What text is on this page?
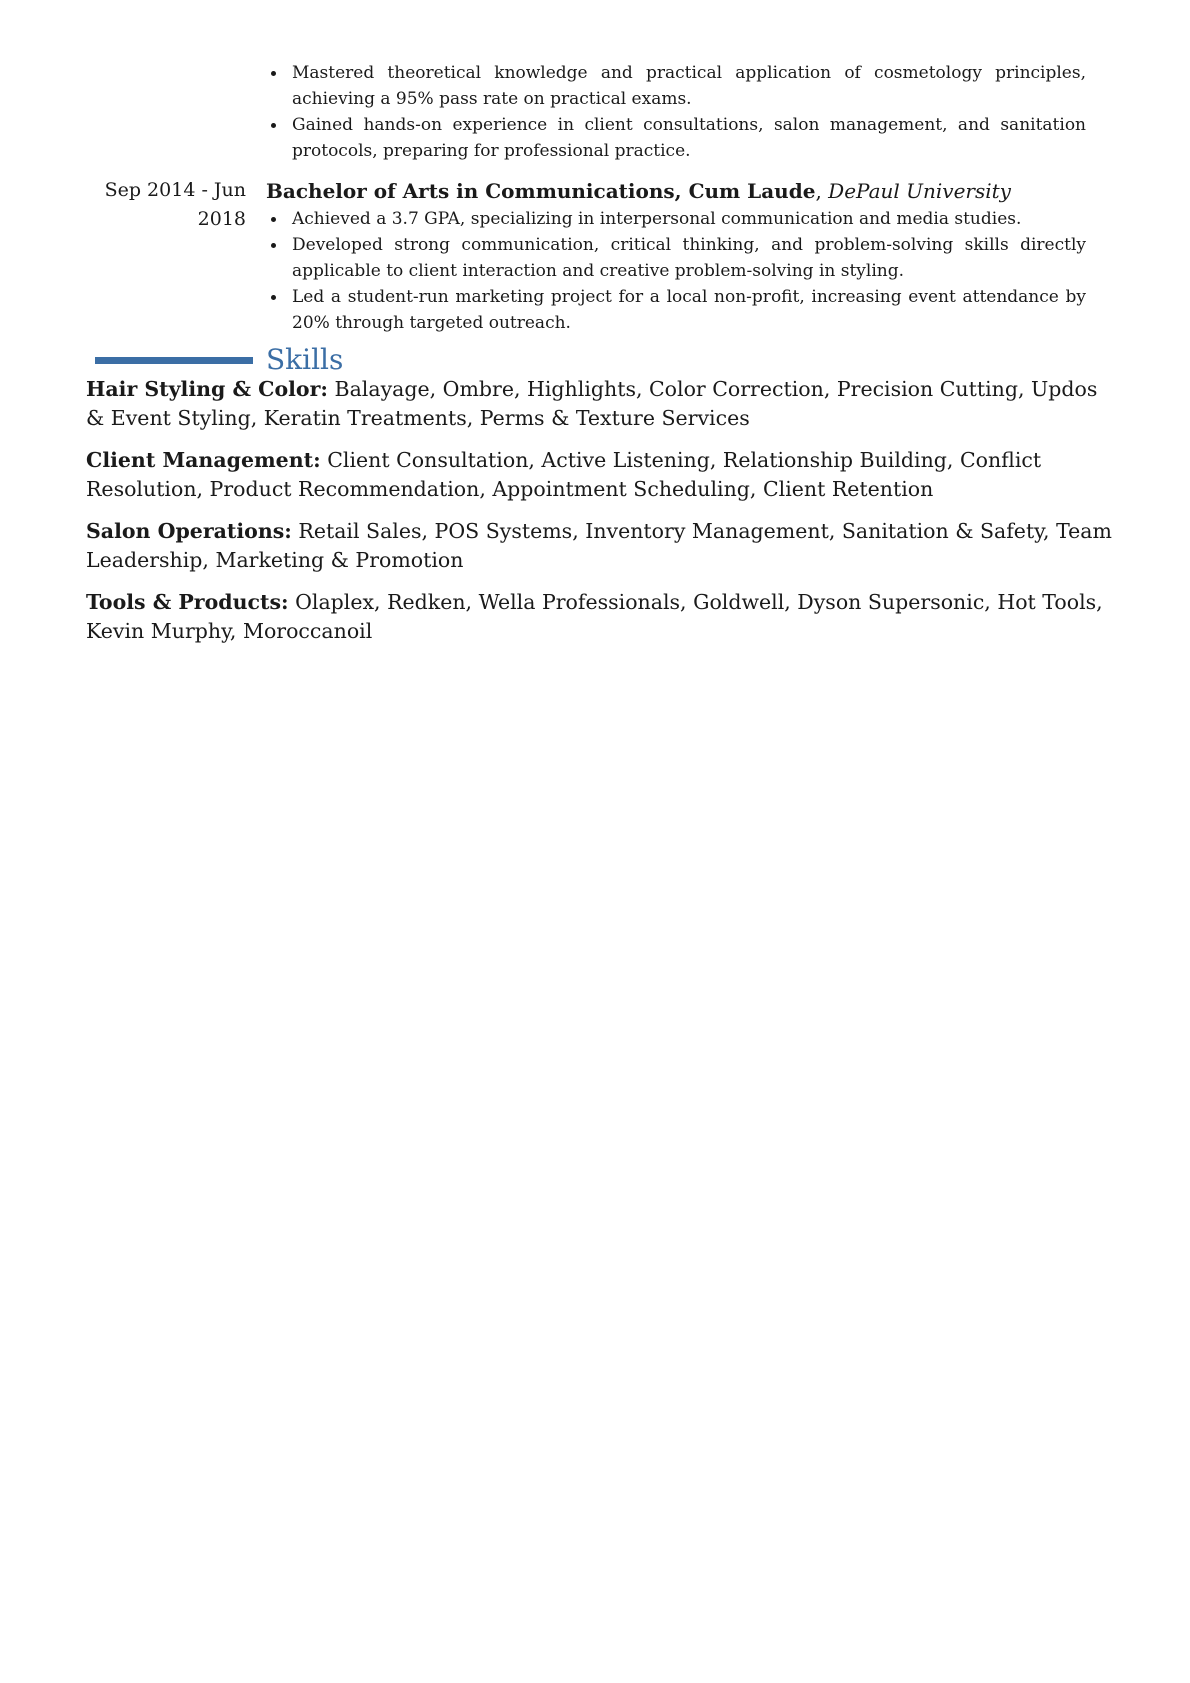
Mastered theoretical knowledge and practical application of cosmetology principles, achieving a 95% pass rate on practical exams.
Gained hands-on experience in client consultations, salon management, and sanitation protocols, preparing for professional practice.
Sep 2014 - Jun
2018
Bachelor of Arts in Communications, Cum Laude, DePaul University
Achieved a 3.7 GPA, specializing in interpersonal communication and media studies.
Developed strong communication, critical thinking, and problem-solving skills directly applicable to client interaction and creative problem-solving in styling.
Led a student-run marketing project for a local non-profit, increasing event attendance by 20% through targeted outreach.
Skills
Hair Styling & Color: Balayage, Ombre, Highlights, Color Correction, Precision Cutting, Updos & Event Styling, Keratin Treatments, Perms & Texture Services
Client Management: Client Consultation, Active Listening, Relationship Building, Conflict Resolution, Product Recommendation, Appointment Scheduling, Client Retention
Salon Operations: Retail Sales, POS Systems, Inventory Management, Sanitation & Safety, Team Leadership, Marketing & Promotion
Tools & Products: Olaplex, Redken, Wella Professionals, Goldwell, Dyson Supersonic, Hot Tools, Kevin Murphy, Moroccanoil
